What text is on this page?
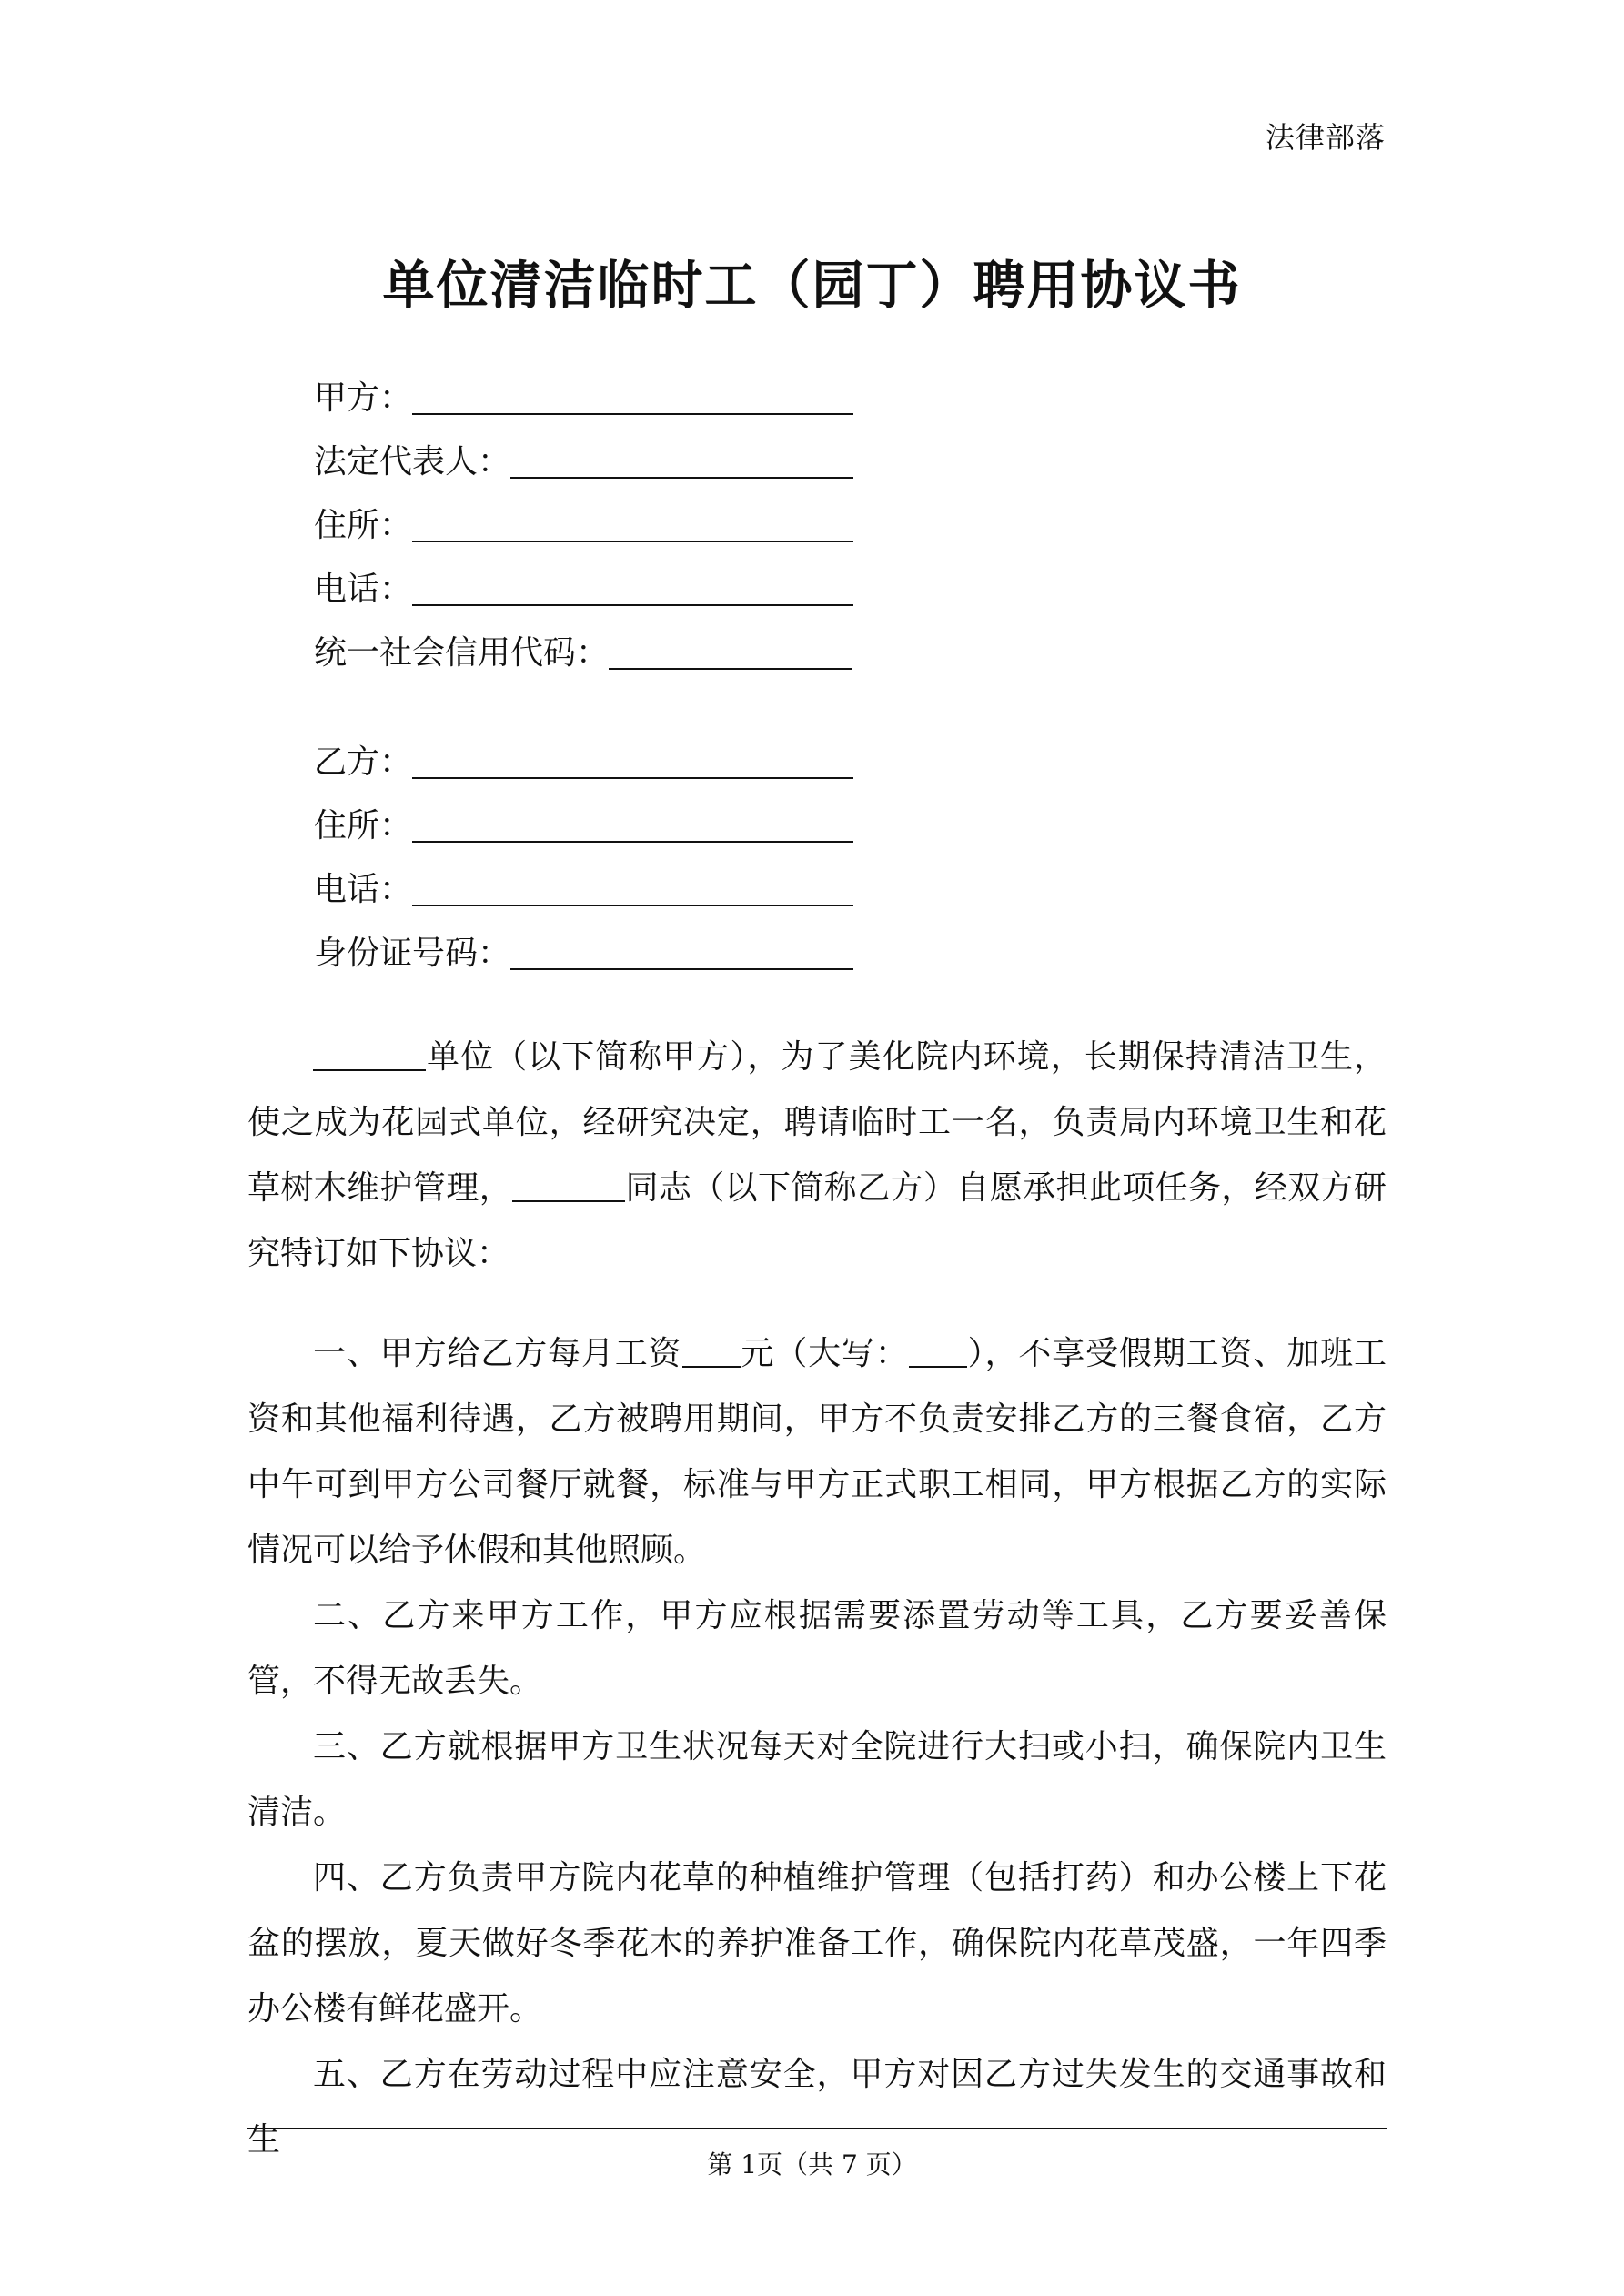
法律部落
单位清洁临时工（园丁）聘用协议书
甲方：
法定代表人：
住所：
电话：
统一社会信用代码：
乙方：
住所：
电话：
身份证号码：

单位（以下简称甲方），为了美化院内环境，长期保持清洁卫生，使之成为花园式单位，经研究决定，聘请临时工一名，负责局内环境卫生和花草树木维护管理，	同志（以下简称乙方）自愿承担此项任务，经双方研究特订如下协议：

一、甲方给乙方每月工资 元（大写： ），不享受假期工资、加班工资和其他福利待遇，乙方被聘用期间，甲方不负责安排乙方的三餐食宿，乙方中午可到甲方公司餐厅就餐，标准与甲方正式职工相同，甲方根据乙方的实际情况可以给予休假和其他照顾。

二、乙方来甲方工作，甲方应根据需要添置劳动等工具，乙方要妥善保管，不得无故丢失。

三、乙方就根据甲方卫生状况每天对全院进行大扫或小扫，确保院内卫生清洁。

四、乙方负责甲方院内花草的种植维护管理（包括打药）和办公楼上下花盆的摆放，夏天做好冬季花木的养护准备工作，确保院内花草茂盛，一年四季办公楼有鲜花盛开。

五、乙方在劳动过程中应注意安全，甲方对因乙方过失发生的交通事故和生

第 1页（共 7 页）
